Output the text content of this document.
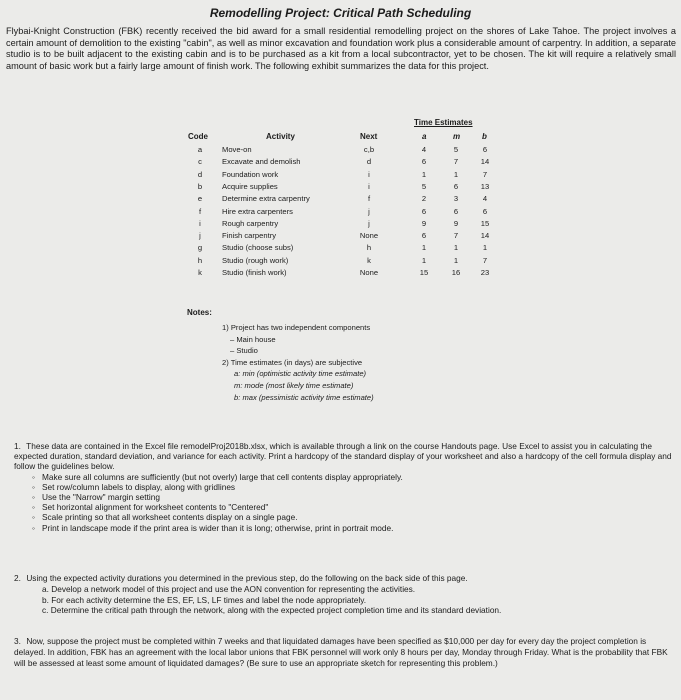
Remodelling Project: Critical Path Scheduling
Flybai-Knight Construction (FBK) recently received the bid award for a small residential remodelling project on the shores of Lake Tahoe. The project involves a certain amount of demolition to the existing "cabin", as well as minor excavation and foundation work plus a considerable amount of carpentry. In addition, a separate studio is to be built adjacent to the existing cabin and is to be purchased as a kit from a local subcontractor, yet to be chosen. The kit will require a relatively small amount of basic work but a fairly large amount of finish work. The following exhibit summarizes the data for this project.
Time Estimates
Code	Activity	Next	a	m	b
a	Move-on	c,b	4	5	6
c	Excavate and demolish	d	6	7	14
d	Foundation work	i	1	1	7
b	Acquire supplies	i	5	6	13
e	Determine extra carpentry	f	2	3	4
f	Hire extra carpenters	j	6	6	6
i	Rough carpentry	j	9	9	15
j	Finish carpentry	None	6	7	14
g	Studio (choose subs)	h	1	1	1
h	Studio (rough work)	k	1	1	7
k	Studio (finish work)	None	15	16	23
Notes:
1) Project has two independent components
– Main house
– Studio
2) Time estimates (in days) are subjective
a: min (optimistic activity time estimate)
m: mode (most likely time estimate)
b: max (pessimistic activity time estimate)
1. These data are contained in the Excel file remodelProj2018b.xlsx, which is available through a link on the course Handouts page. Use Excel to assist you in calculating the expected duration, standard deviation, and variance for each activity. Print a hardcopy of the standard display of your worksheet and also a hardcopy of the cell formula display and follow the guidelines below.
◦ Make sure all columns are sufficiently (but not overly) large that cell contents display appropriately.
◦ Set row/column labels to display, along with gridlines
◦ Use the "Narrow" margin setting
◦ Set horizontal alignment for worksheet contents to "Centered"
◦ Scale printing so that all worksheet contents display on a single page.
◦ Print in landscape mode if the print area is wider than it is long; otherwise, print in portrait mode.
2. Using the expected activity durations you determined in the previous step, do the following on the back side of this page.
a. Develop a network model of this project and use the AON convention for representing the activities.
b. For each activity determine the ES, EF, LS, LF times and label the node appropriately.
c. Determine the critical path through the network, along with the expected project completion time and its standard deviation.
3. Now, suppose the project must be completed within 7 weeks and that liquidated damages have been specified as $10,000 per day for every day the project completion is delayed. In addition, FBK has an agreement with the local labor unions that FBK personnel will work only 8 hours per day, Monday through Friday. What is the probability that FBK will be assessed at least some amount of liquidated damages? (Be sure to use an appropriate sketch for representing this problem.)
